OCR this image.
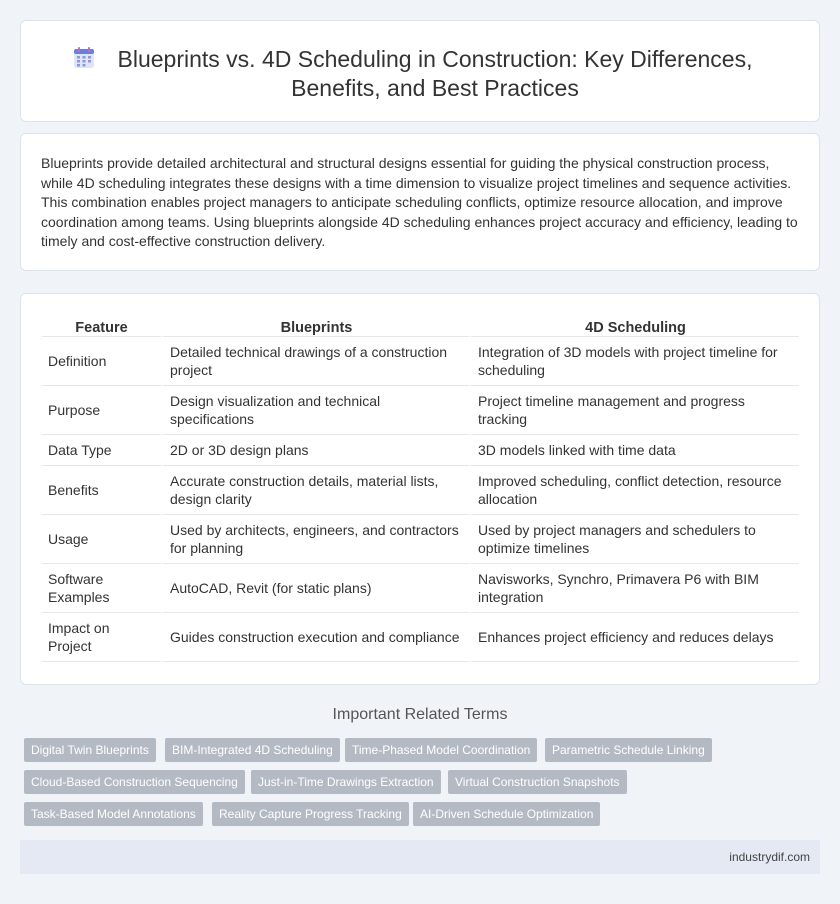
Blueprints vs. 4D Scheduling in Construction: Key Differences, Benefits, and Best Practices

Blueprints provide detailed architectural and structural designs essential for guiding the physical construction process, while 4D scheduling integrates these designs with a time dimension to visualize project timelines and sequence activities. This combination enables project managers to anticipate scheduling conflicts, optimize resource allocation, and improve coordination among teams. Using blueprints alongside 4D scheduling enhances project accuracy and efficiency, leading to timely and cost-effective construction delivery.

Feature	Blueprints	4D Scheduling
Definition	Detailed technical drawings of a construction project	Integration of 3D models with project timeline for scheduling
Purpose	Design visualization and technical specifications	Project timeline management and progress tracking
Data Type	2D or 3D design plans	3D models linked with time data
Benefits	Accurate construction details, material lists, design clarity	Improved scheduling, conflict detection, resource allocation
Usage	Used by architects, engineers, and contractors for planning	Used by project managers and schedulers to optimize timelines
Software Examples	AutoCAD, Revit (for static plans)	Navisworks, Synchro, Primavera P6 with BIM integration
Impact on Project	Guides construction execution and compliance	Enhances project efficiency and reduces delays
Important Related Terms
Digital Twin Blueprints	BIM-Integrated 4D Scheduling	Time-Phased Model Coordination	Parametric Schedule Linking
Cloud-Based Construction Sequencing	Just-in-Time Drawings Extraction	Virtual Construction Snapshots
Task-Based Model Annotations	Reality Capture Progress Tracking	AI-Driven Schedule Optimization
industrydif.com
